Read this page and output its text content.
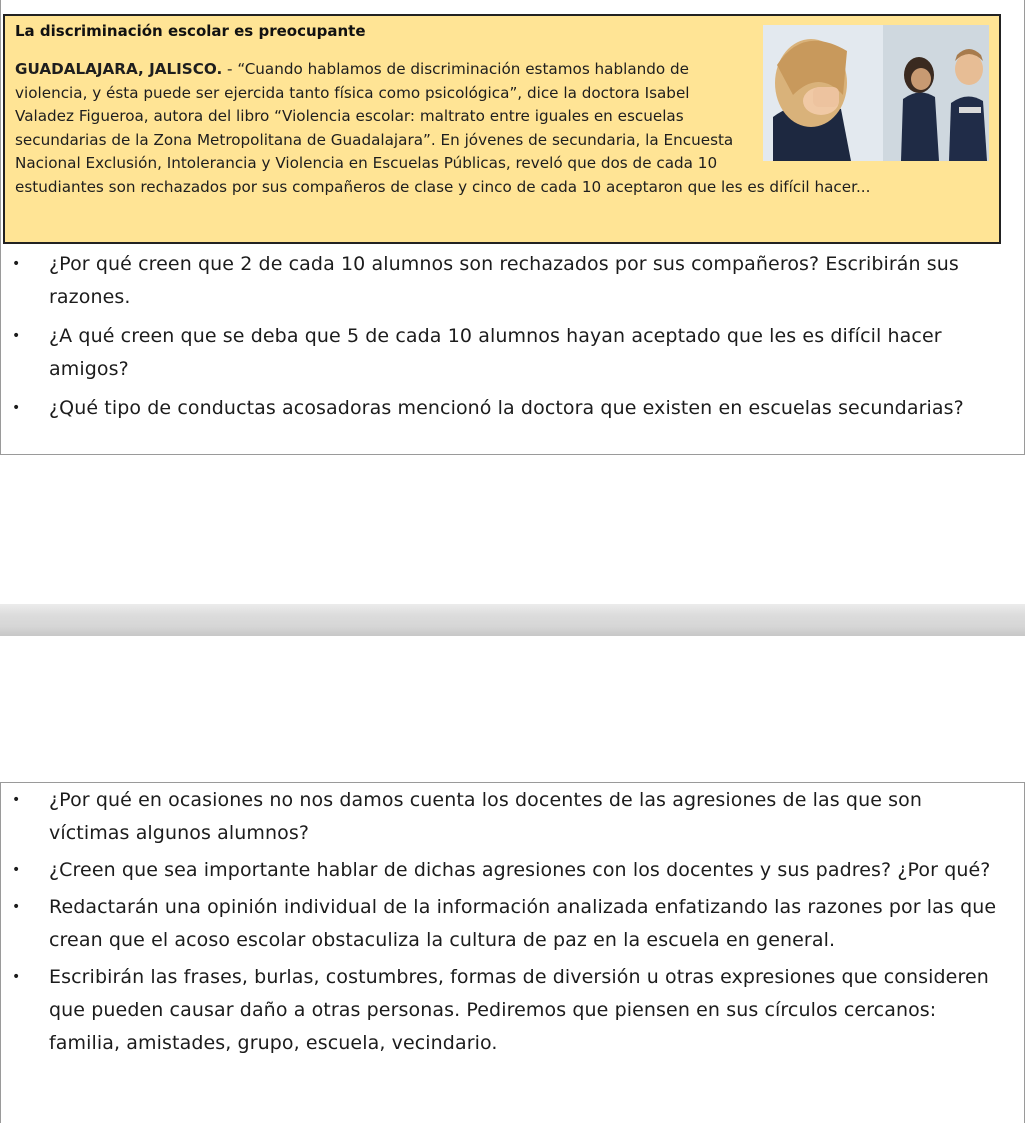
La discriminación escolar es preocupante

GUADALAJARA, JALISCO. - “Cuando hablamos de discriminación estamos hablando de violencia, y ésta puede ser ejercida tanto física como psicológica”, dice la doctora Isabel Valadez Figueroa, autora del libro “Violencia escolar: maltrato entre iguales en escuelas secundarias de la Zona Metropolitana de Guadalajara”. En jóvenes de secundaria, la Encuesta Nacional Exclusión, Intolerancia y Violencia en Escuelas Públicas, reveló que dos de cada 10 estudiantes son rechazados por sus compañeros de clase y cinco de cada 10 aceptaron que les es difícil hacer...

• ¿Por qué creen que 2 de cada 10 alumnos son rechazados por sus compañeros? Escribirán sus razones.
• ¿A qué creen que se deba que 5 de cada 10 alumnos hayan aceptado que les es difícil hacer amigos?
• ¿Qué tipo de conductas acosadoras mencionó la doctora que existen en escuelas secundarias?
• ¿Por qué en ocasiones no nos damos cuenta los docentes de las agresiones de las que son víctimas algunos alumnos?
• ¿Creen que sea importante hablar de dichas agresiones con los docentes y sus padres? ¿Por qué?
• Redactarán una opinión individual de la información analizada enfatizando las razones por las que crean que el acoso escolar obstaculiza la cultura de paz en la escuela en general.
• Escribirán las frases, burlas, costumbres, formas de diversión u otras expresiones que consideren que pueden causar daño a otras personas. Pediremos que piensen en sus círculos cercanos: familia, amistades, grupo, escuela, vecindario.
